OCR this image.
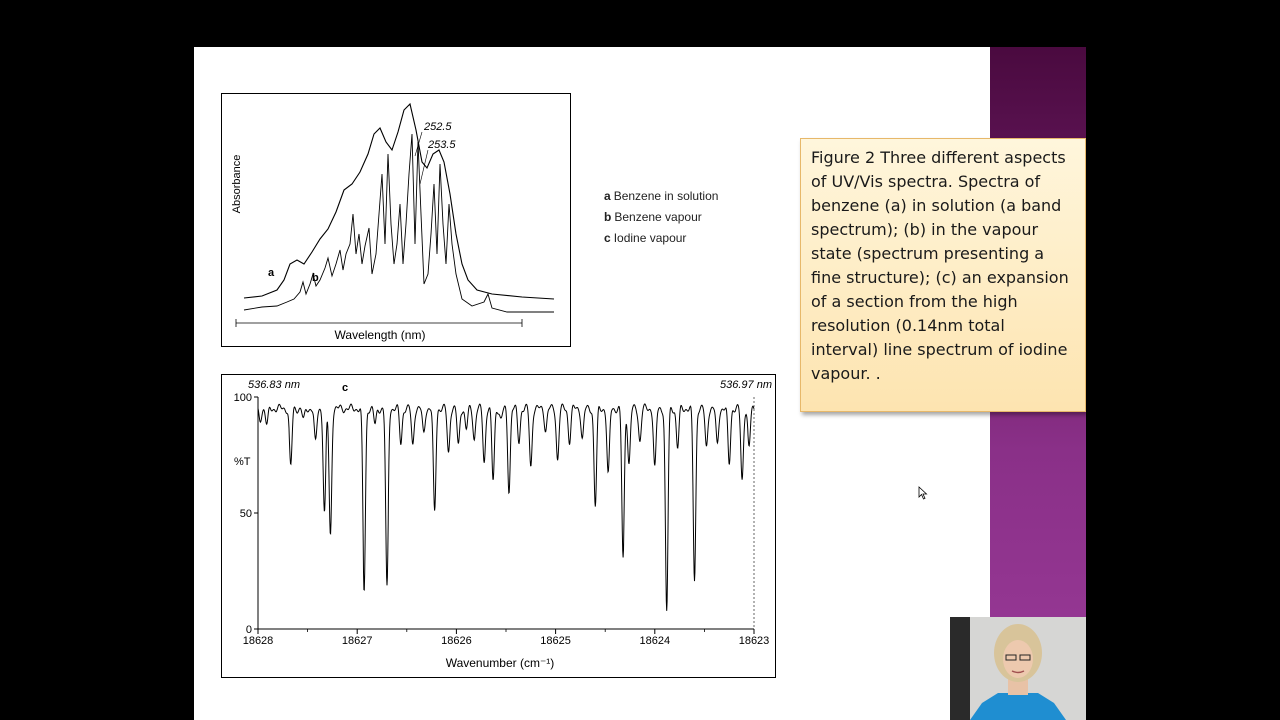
Absorbance
Wavelength (nm)
a	b
252.5
253.5
a Benzene in solution
b Benzene vapour
c Iodine vapour
536.83 nm	536.97 nm
c
%T
Wavenumber (cm⁻¹)
18628	18627	18626	18625	18624	18623
100
50
0
Figure 2 Three different aspects of UV/Vis spectra. Spectra of benzene (a) in solution (a band spectrum); (b) in the vapour state (spectrum presenting a fine structure); (c) an expansion of a section from the high resolution (0.14nm total interval) line spectrum of iodine vapour. .
